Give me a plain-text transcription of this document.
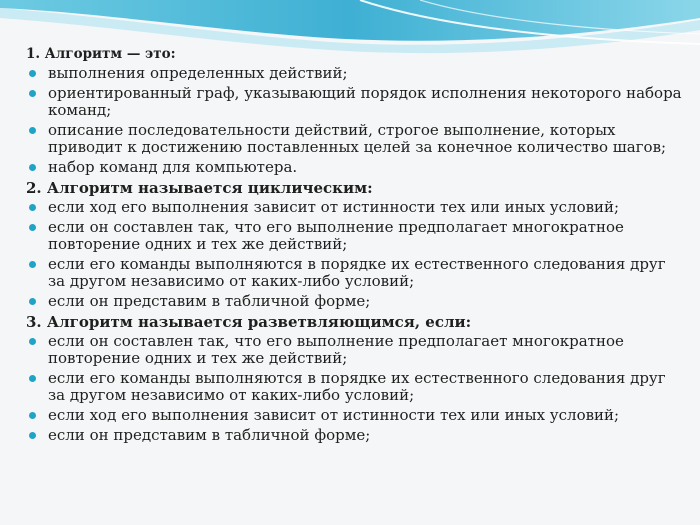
1. Алгоритм — это:
выполнения определенных действий;
ориентированный граф, указывающий порядок исполнения некоторого набора команд;
описание последовательности действий, строгое выполнение, которых приводит к достижению поставленных целей за конечное количество шагов;
набор команд для компьютера.
2. Алгоритм называется циклическим:
если ход его выполнения зависит от истинности тех или иных условий;
если он составлен так, что его выполнение предполагает многократное повторение одних и тех же действий;
если его команды выполняются в порядке их естественного следования друг за другом независимо от каких-либо условий;
если он представим в табличной форме;
3. Алгоритм называется разветвляющимся, если:
если он составлен так, что его выполнение предполагает многократное повторение одних и тех же действий;
если его команды выполняются в порядке их естественного следования друг за другом независимо от каких-либо условий;
если ход его выполнения зависит от истинности тех или иных условий;
если он представим в табличной форме;
